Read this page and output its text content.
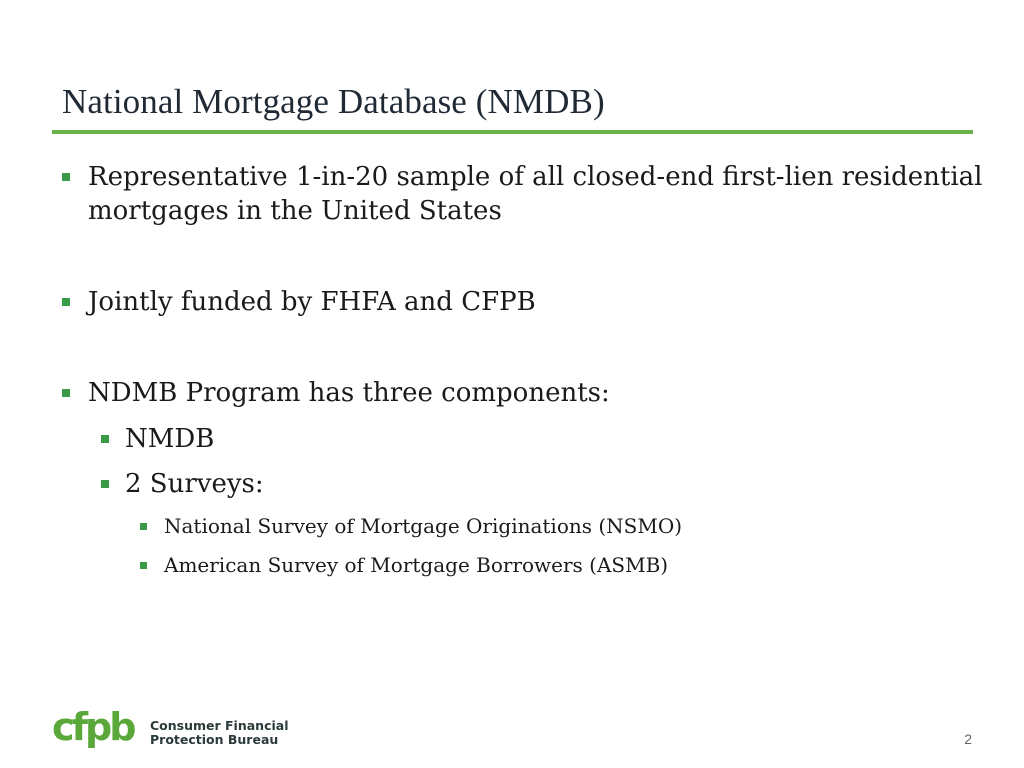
National Mortgage Database (NMDB)
Representative 1-in-20 sample of all closed-end first-lien residential
mortgages in the United States
Jointly funded by FHFA and CFPB
NDMB Program has three components:
NMDB
2 Surveys:
National Survey of Mortgage Originations (NSMO)
American Survey of Mortgage Borrowers (ASMB)
cfpb Consumer Financial
Protection Bureau	2
